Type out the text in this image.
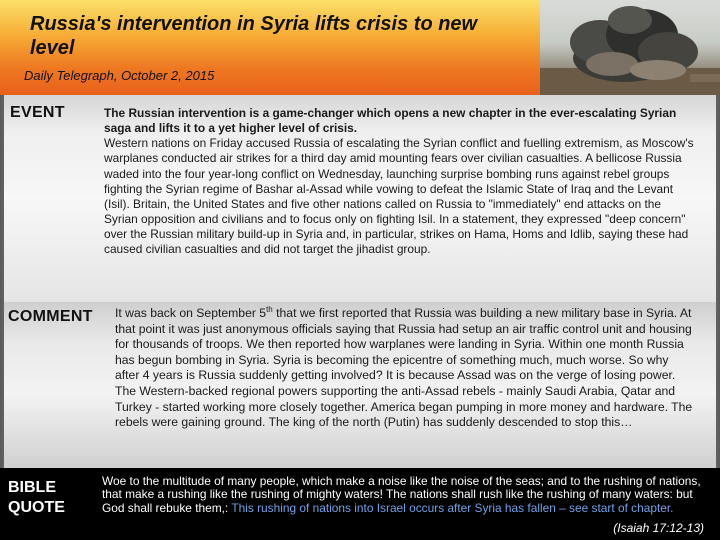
Russia's intervention in Syria lifts crisis to new level
Daily Telegraph, October 2, 2015
EVENT	The Russian intervention is a game-changer which opens a new chapter in the ever-escalating Syrian saga and lifts it to a yet higher level of crisis.
Western nations on Friday accused Russia of escalating the Syrian conflict and fuelling extremism, as Moscow's warplanes conducted air strikes for a third day amid mounting fears over civilian casualties. A bellicose Russia waded into the four year-long conflict on Wednesday, launching surprise bombing runs against rebel groups fighting the Syrian regime of Bashar al-Assad while vowing to defeat the Islamic State of Iraq and the Levant (Isil). Britain, the United States and five other nations called on Russia to "immediately" end attacks on the Syrian opposition and civilians and to focus only on fighting Isil. In a statement, they expressed "deep concern" over the Russian military build-up in Syria and, in particular, strikes on Hama, Homs and Idlib, saying these had caused civilian casualties and did not target the jihadist group.
COMMENT It was back on September 5th that we first reported that Russia was building a new military base in Syria. At that point it was just anonymous officials saying that Russia had setup an air traffic control unit and housing for thousands of troops. We then reported how warplanes were landing in Syria. Within one month Russia has begun bombing in Syria. Syria is becoming the epicentre of something much, much worse. So why after 4 years is Russia suddenly getting involved? It is because Assad was on the verge of losing power. The Western-backed regional powers supporting the anti-Assad rebels - mainly Saudi Arabia, Qatar and Turkey - started working more closely together. America began pumping in more money and hardware. The rebels were gaining ground. The king of the north (Putin) has suddenly descended to stop this…
BIBLE QUOTE
Woe to the multitude of many people, which make a noise like the noise of the seas; and to the rushing of nations, that make a rushing like the rushing of mighty waters! The nations shall rush like the rushing of many waters: but God shall rebuke them,: This rushing of nations into Israel occurs after Syria has fallen – see start of chapter.
(Isaiah 17:12-13)
